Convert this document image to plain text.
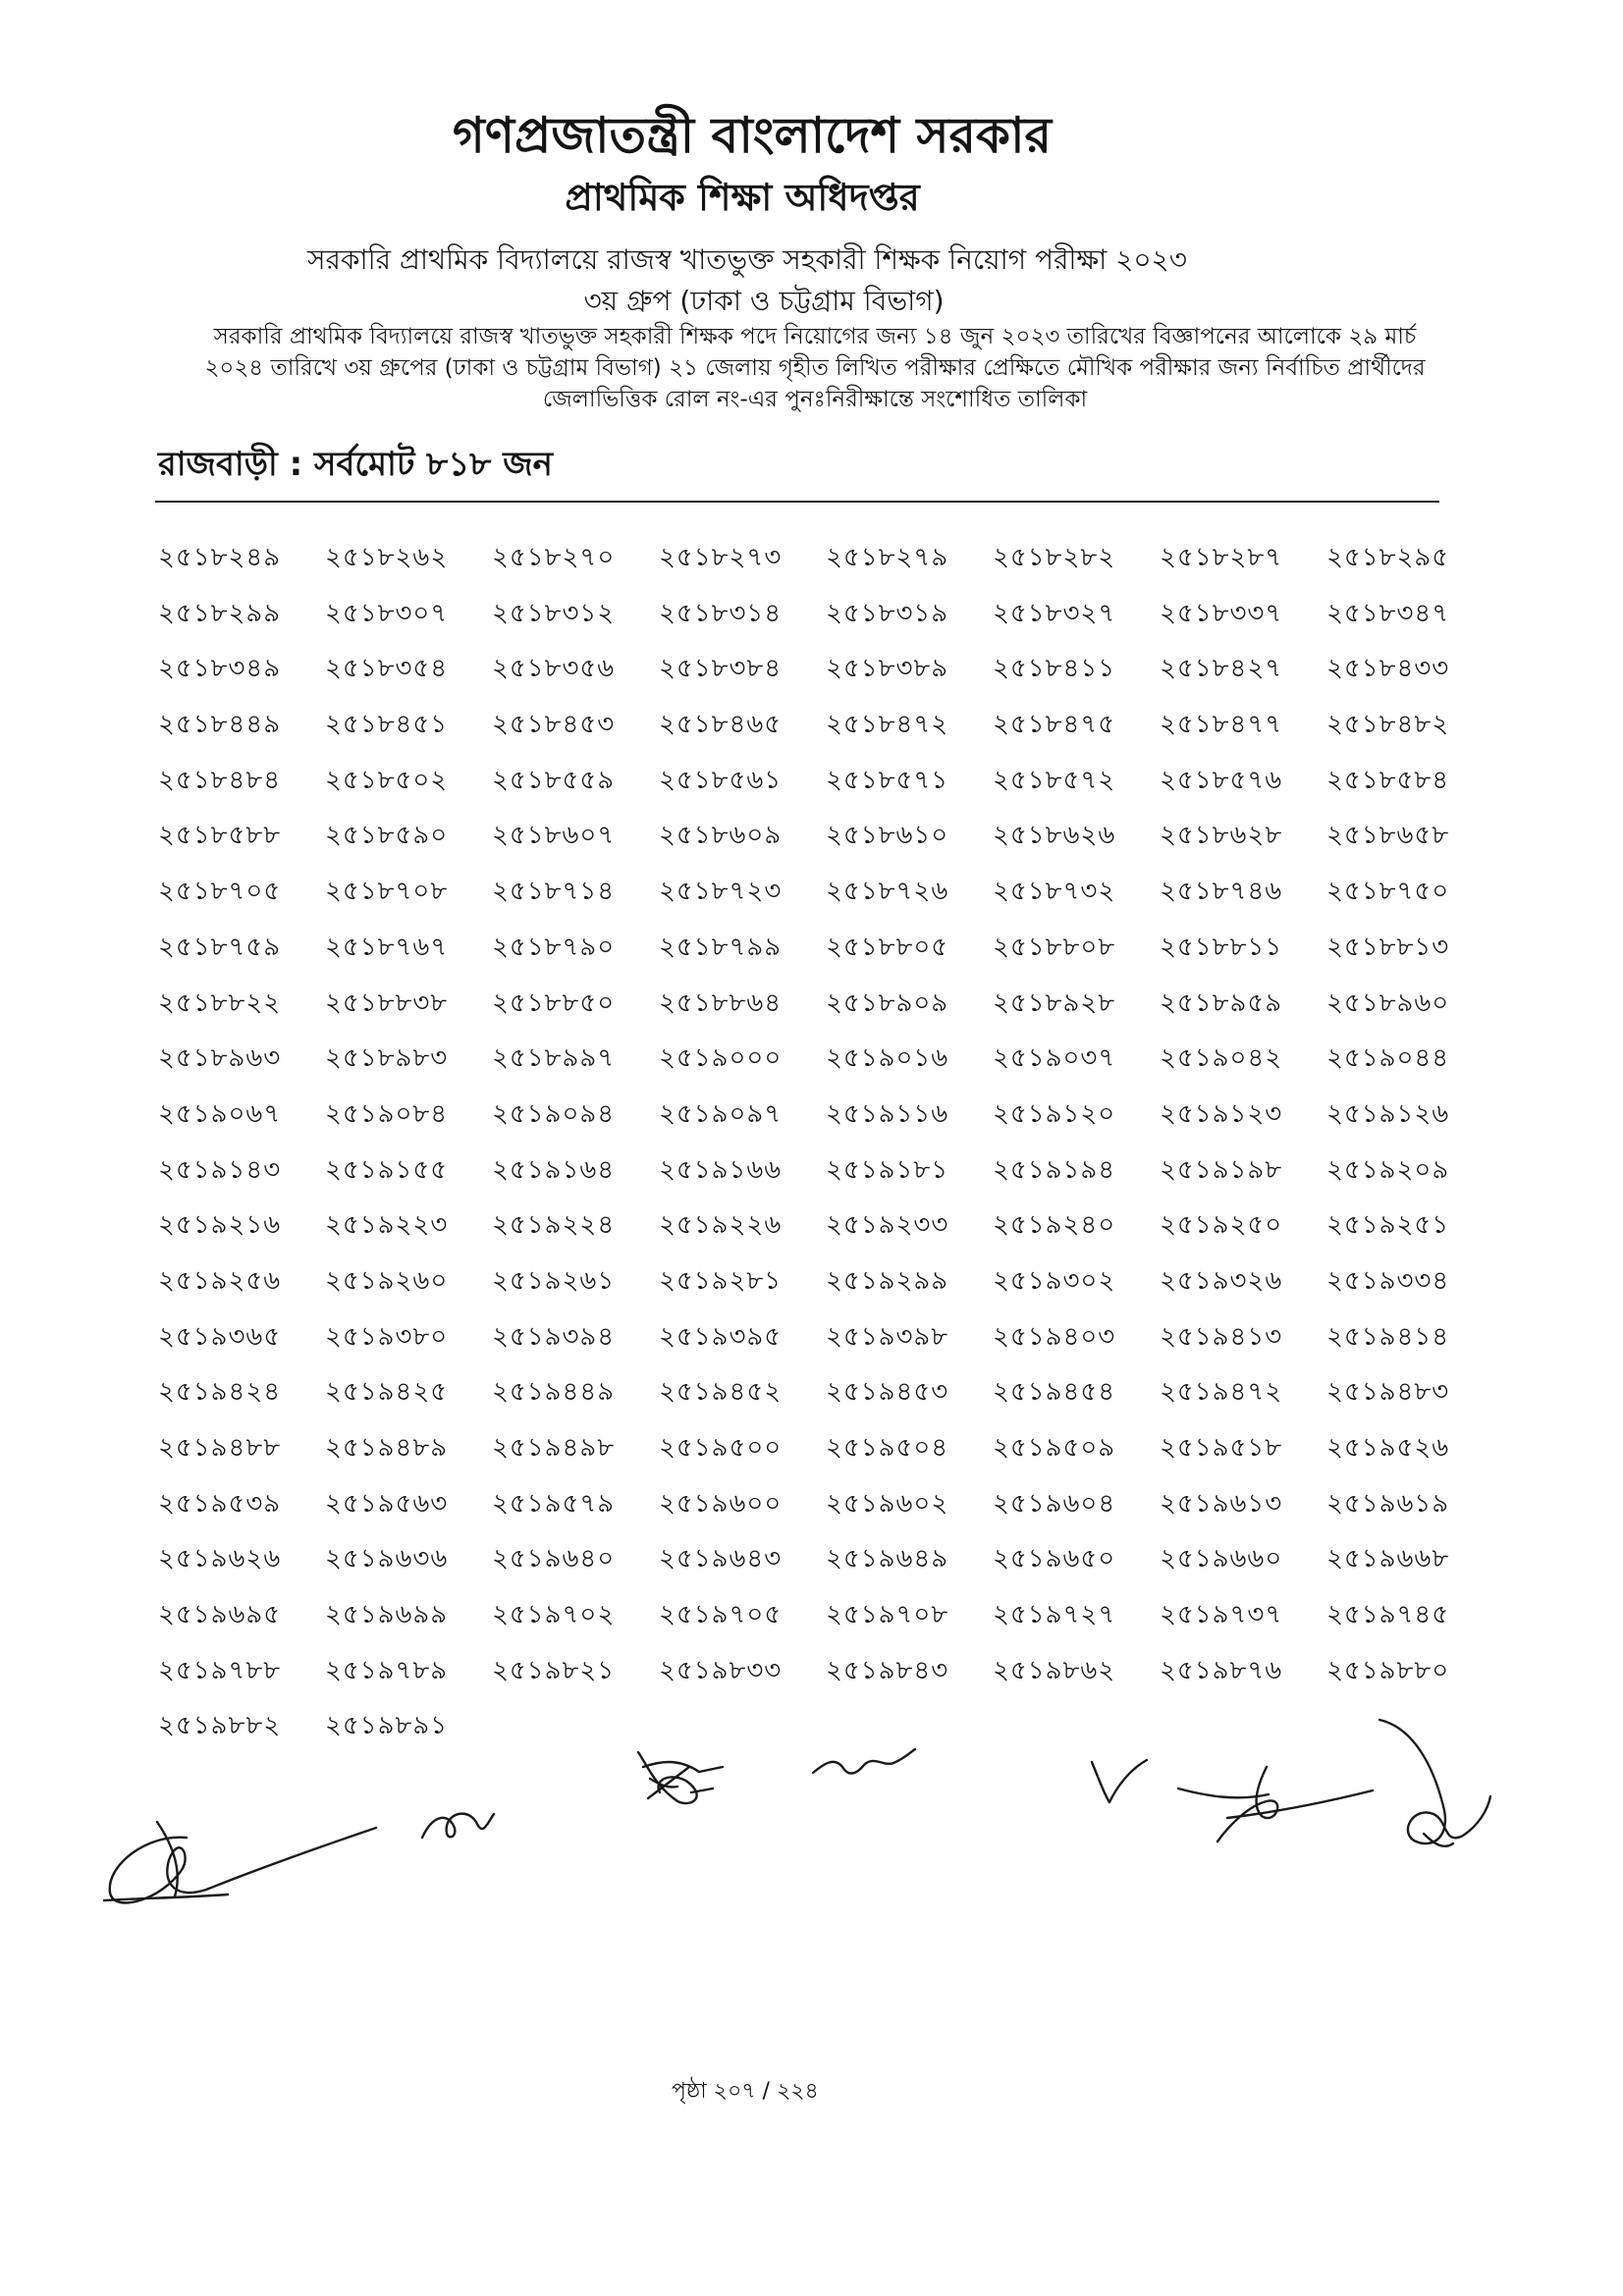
গণপ্রজাতন্ত্রী বাংলাদেশ সরকার
প্রাথমিক শিক্ষা অধিদপ্তর
সরকারি প্রাথমিক বিদ্যালয়ে রাজস্ব খাতভুক্ত সহকারী শিক্ষক নিয়োগ পরীক্ষা ২০২৩
৩য় গ্রুপ (ঢাকা ও চট্টগ্রাম বিভাগ)
সরকারি প্রাথমিক বিদ্যালয়ে রাজস্ব খাতভুক্ত সহকারী শিক্ষক পদে নিয়োগের জন্য ১৪ জুন ২০২৩ তারিখের বিজ্ঞাপনের আলোকে ২৯ মার্চ
২০২৪ তারিখে ৩য় গ্রুপের (ঢাকা ও চট্টগ্রাম বিভাগ) ২১ জেলায় গৃহীত লিখিত পরীক্ষার প্রেক্ষিতে মৌখিক পরীক্ষার জন্য নির্বাচিত প্রার্থীদের
জেলাভিত্তিক রোল নং-এর পুনঃনিরীক্ষান্তে সংশোধিত তালিকা
রাজবাড়ী : সর্বমোট ৮১৮ জন
২৫১৮২৪৯	২৫১৮২৬২	২৫১৮২৭০	২৫১৮২৭৩	২৫১৮২৭৯	২৫১৮২৮২	২৫১৮২৮৭	২৫১৮২৯৫
২৫১৮২৯৯	২৫১৮৩০৭	২৫১৮৩১২	২৫১৮৩১৪	২৫১৮৩১৯	২৫১৮৩২৭	২৫১৮৩৩৭	২৫১৮৩৪৭
২৫১৮৩৪৯	২৫১৮৩৫৪	২৫১৮৩৫৬	২৫১৮৩৮৪	২৫১৮৩৮৯	২৫১৮৪১১	২৫১৮৪২৭	২৫১৮৪৩৩
২৫১৮৪৪৯	২৫১৮৪৫১	২৫১৮৪৫৩	২৫১৮৪৬৫	২৫১৮৪৭২	২৫১৮৪৭৫	২৫১৮৪৭৭	২৫১৮৪৮২
২৫১৮৪৮৪	২৫১৮৫০২	২৫১৮৫৫৯	২৫১৮৫৬১	২৫১৮৫৭১	২৫১৮৫৭২	২৫১৮৫৭৬	২৫১৮৫৮৪
২৫১৮৫৮৮	২৫১৮৫৯০	২৫১৮৬০৭	২৫১৮৬০৯	২৫১৮৬১০	২৫১৮৬২৬	২৫১৮৬২৮	২৫১৮৬৫৮
২৫১৮৭০৫	২৫১৮৭০৮	২৫১৮৭১৪	২৫১৮৭২৩	২৫১৮৭২৬	২৫১৮৭৩২	২৫১৮৭৪৬	২৫১৮৭৫০
২৫১৮৭৫৯	২৫১৮৭৬৭	২৫১৮৭৯০	২৫১৮৭৯৯	২৫১৮৮০৫	২৫১৮৮০৮	২৫১৮৮১১	২৫১৮৮১৩
২৫১৮৮২২	২৫১৮৮৩৮	২৫১৮৮৫০	২৫১৮৮৬৪	২৫১৮৯০৯	২৫১৮৯২৮	২৫১৮৯৫৯	২৫১৮৯৬০
২৫১৮৯৬৩	২৫১৮৯৮৩	২৫১৮৯৯৭	২৫১৯০০০	২৫১৯০১৬	২৫১৯০৩৭	২৫১৯০৪২	২৫১৯০৪৪
২৫১৯০৬৭	২৫১৯০৮৪	২৫১৯০৯৪	২৫১৯০৯৭	২৫১৯১১৬	২৫১৯১২০	২৫১৯১২৩	২৫১৯১২৬
২৫১৯১৪৩	২৫১৯১৫৫	২৫১৯১৬৪	২৫১৯১৬৬	২৫১৯১৮১	২৫১৯১৯৪	২৫১৯১৯৮	২৫১৯২০৯
২৫১৯২১৬	২৫১৯২২৩	২৫১৯২২৪	২৫১৯২২৬	২৫১৯২৩৩	২৫১৯২৪০	২৫১৯২৫০	২৫১৯২৫১
২৫১৯২৫৬	২৫১৯২৬০	২৫১৯২৬১	২৫১৯২৮১	২৫১৯২৯৯	২৫১৯৩০২	২৫১৯৩২৬	২৫১৯৩৩৪
২৫১৯৩৬৫	২৫১৯৩৮০	২৫১৯৩৯৪	২৫১৯৩৯৫	২৫১৯৩৯৮	২৫১৯৪০৩	২৫১৯৪১৩	২৫১৯৪১৪
২৫১৯৪২৪	২৫১৯৪২৫	২৫১৯৪৪৯	২৫১৯৪৫২	২৫১৯৪৫৩	২৫১৯৪৫৪	২৫১৯৪৭২	২৫১৯৪৮৩
২৫১৯৪৮৮	২৫১৯৪৮৯	২৫১৯৪৯৮	২৫১৯৫০০	২৫১৯৫০৪	২৫১৯৫০৯	২৫১৯৫১৮	২৫১৯৫২৬
২৫১৯৫৩৯	২৫১৯৫৬৩	২৫১৯৫৭৯	২৫১৯৬০০	২৫১৯৬০২	২৫১৯৬০৪	২৫১৯৬১৩	২৫১৯৬১৯
২৫১৯৬২৬	২৫১৯৬৩৬	২৫১৯৬৪০	২৫১৯৬৪৩	২৫১৯৬৪৯	২৫১৯৬৫০	২৫১৯৬৬০	২৫১৯৬৬৮
২৫১৯৬৯৫	২৫১৯৬৯৯	২৫১৯৭০২	২৫১৯৭০৫	২৫১৯৭০৮	২৫১৯৭২৭	২৫১৯৭৩৭	২৫১৯৭৪৫
২৫১৯৭৮৮	২৫১৯৭৮৯	২৫১৯৮২১	২৫১৯৮৩৩	২৫১৯৮৪৩	২৫১৯৮৬২	২৫১৯৮৭৬	২৫১৯৮৮০
২৫১৯৮৮২	২৫১৯৮৯১
পৃষ্ঠা ২০৭ / ২২৪
